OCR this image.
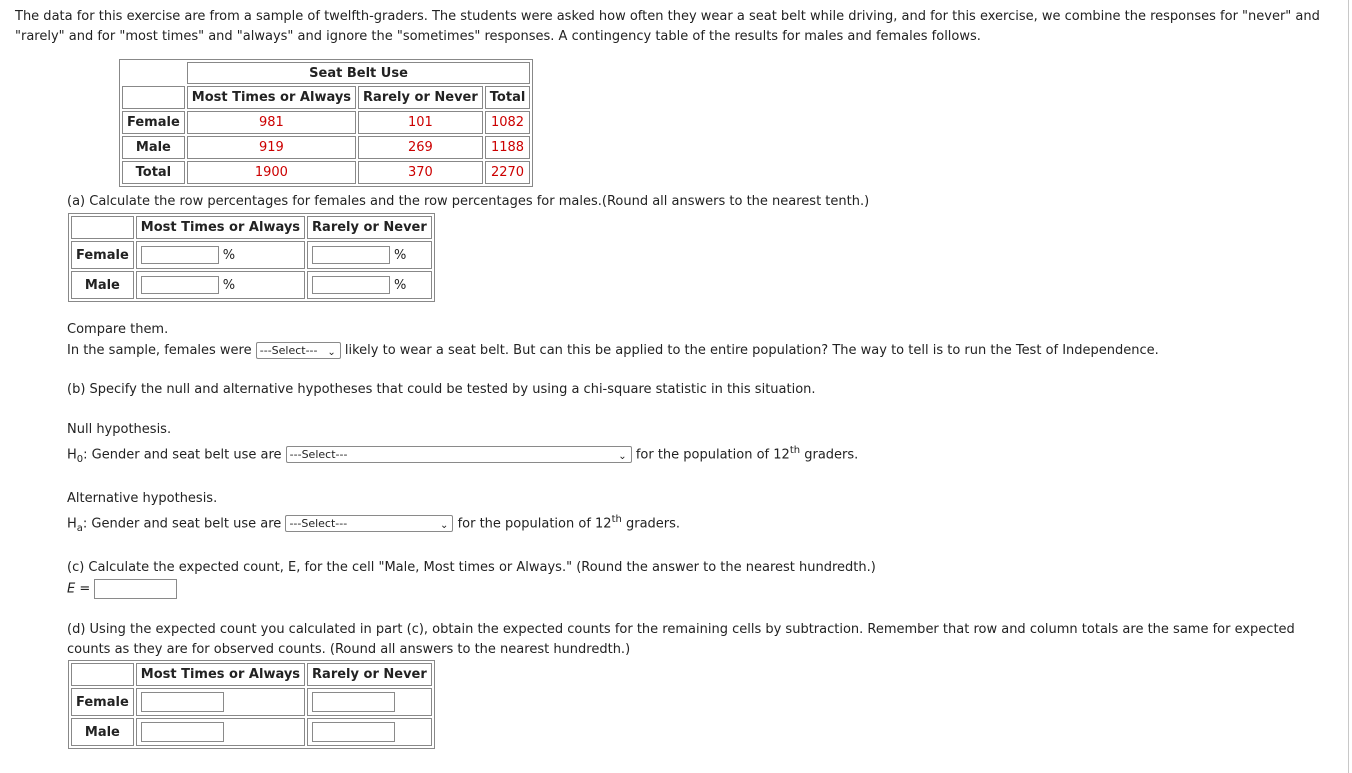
The data for this exercise are from a sample of twelfth-graders. The students were asked how often they wear a seat belt while driving, and for this exercise, we combine the responses for "never" and "rarely" and for "most times" and "always" and ignore the "sometimes" responses. A contingency table of the results for males and females follows.
	Seat Belt Use		
	Most Times or Always	Rarely or Never	Total
Female	981	101	1082
Male	919	269	1188
Total	1900	370	2270
(a) Calculate the row percentages for females and the row percentages for males.(Round all answers to the nearest tenth.)
	Most Times or Always	Rarely or Never
Female	%	%
Male	%	%
Compare them.
In the sample, females were ---Select--- ⌄ likely to wear a seat belt. But can this be applied to the entire population? The way to tell is to run the Test of Independence.
(b) Specify the null and alternative hypotheses that could be tested by using a chi-square statistic in this situation.
Null hypothesis.
$H_0$: Gender and seat belt use are ---Select---	⌄ for the population of 12th graders.
Alternative hypothesis.
$H_a$: Gender and seat belt use are ---Select---	⌄ for the population of 12th graders.
(c) Calculate the expected count, E, for the cell "Male, Most times or Always." (Round the answer to the nearest hundredth.)
E =
(d) Using the expected count you calculated in part (c), obtain the expected counts for the remaining cells by subtraction. Remember that row and column totals are the same for expected counts as they are for observed counts. (Round all answers to the nearest hundredth.)
	Most Times or Always	Rarely or Never
Female		
Male		
